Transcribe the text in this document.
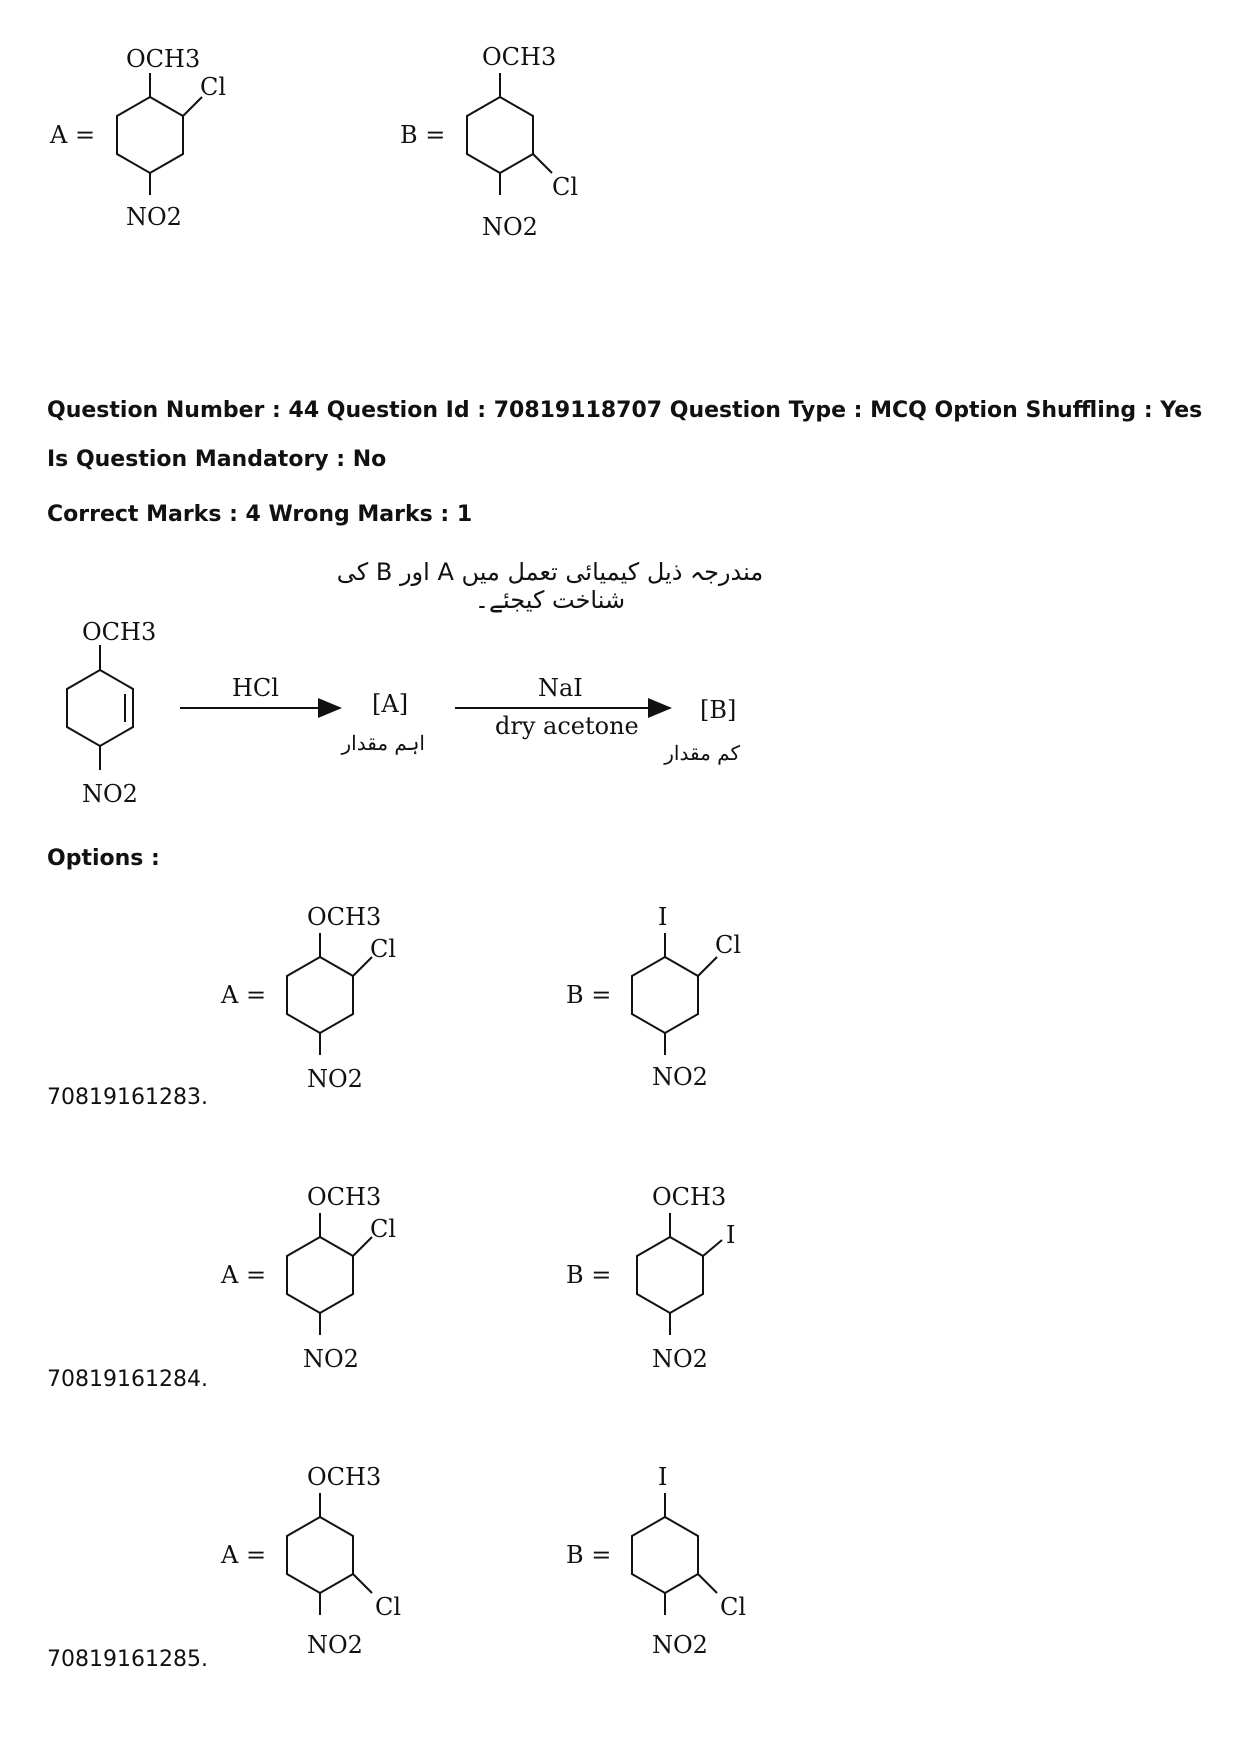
A =
OCH3
Cl
NO2
B =
OCH3
Cl
NO2
Question Number : 44 Question Id : 70819118707 Question Type : MCQ Option Shuffling : Yes
Is Question Mandatory : No
Correct Marks : 4 Wrong Marks : 1
مندرجہ ذیل کیمیائی تعمل میں A اور B کی شناخت کیجئے۔
OCH3
NO2
HCl
[A]
اہم مقدار
NaI
dry acetone
[B]
کم مقدار
Options :
A =
OCH3
Cl
NO2
B =
I
Cl
NO2
70819161283.
A =
OCH3
Cl
NO2
B =
OCH3
I
NO2
70819161284.
A =
OCH3
Cl
NO2
B =
I
Cl
NO2
70819161285.
